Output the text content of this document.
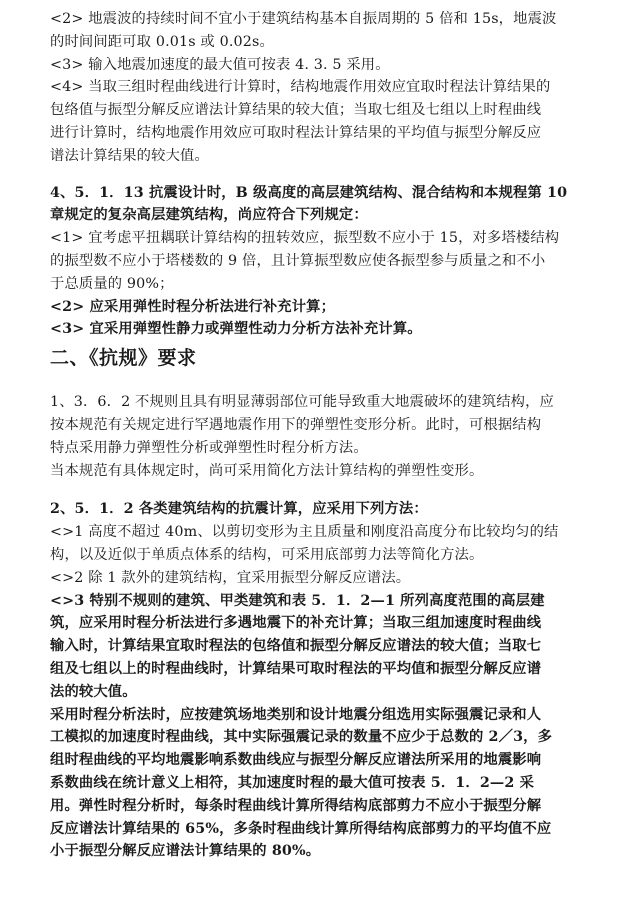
<2> 地震波的持续时间不宜小于建筑结构基本自振周期的 5 倍和 15s，地震波
的时间间距可取 0.01s 或 0.02s。
<3> 输入地震加速度的最大值可按表 4. 3. 5 采用。
<4> 当取三组时程曲线进行计算时，结构地震作用效应宜取时程法计算结果的
包络值与振型分解反应谱法计算结果的较大值；当取七组及七组以上时程曲线
进行计算时，结构地震作用效应可取时程法计算结果的平均值与振型分解反应
谱法计算结果的较大值。
4、5．1．13 抗震设计时，B 级高度的高层建筑结构、混合结构和本规程第 10
章规定的复杂高层建筑结构，尚应符合下列规定：
<1> 宜考虑平扭耦联计算结构的扭转效应，振型数不应小于 15，对多塔楼结构
的振型数不应小于塔楼数的 9 倍，且计算振型数应使各振型参与质量之和不小
于总质量的 90%；
<2> 应采用弹性时程分析法进行补充计算；
<3> 宜采用弹塑性静力或弹塑性动力分析方法补充计算。
二、《抗规》要求
1、3．6．2 不规则且具有明显薄弱部位可能导致重大地震破坏的建筑结构，应
按本规范有关规定进行罕遇地震作用下的弹塑性变形分析。此时，可根据结构
特点采用静力弹塑性分析或弹塑性时程分析方法。
当本规范有具体规定时，尚可采用简化方法计算结构的弹塑性变形。
2、5．1．2 各类建筑结构的抗震计算，应采用下列方法：
<>1 高度不超过 40m、以剪切变形为主且质量和刚度沿高度分布比较均匀的结
构，以及近似于单质点体系的结构，可采用底部剪力法等简化方法。
<>2 除 1 款外的建筑结构，宜采用振型分解反应谱法。
<>3 特别不规则的建筑、甲类建筑和表 5．1．2—1 所列高度范围的高层建
筑，应采用时程分析法进行多遇地震下的补充计算；当取三组加速度时程曲线
输入时，计算结果宜取时程法的包络值和振型分解反应谱法的较大值；当取七
组及七组以上的时程曲线时，计算结果可取时程法的平均值和振型分解反应谱
法的较大值。
采用时程分析法时，应按建筑场地类别和设计地震分组选用实际强震记录和人
工模拟的加速度时程曲线，其中实际强震记录的数量不应少于总数的 2／3，多
组时程曲线的平均地震影响系数曲线应与振型分解反应谱法所采用的地震影响
系数曲线在统计意义上相符，其加速度时程的最大值可按表 5．1．2—2 采
用。弹性时程分析时，每条时程曲线计算所得结构底部剪力不应小于振型分解
反应谱法计算结果的 65%，多条时程曲线计算所得结构底部剪力的平均值不应
小于振型分解反应谱法计算结果的 80%。
